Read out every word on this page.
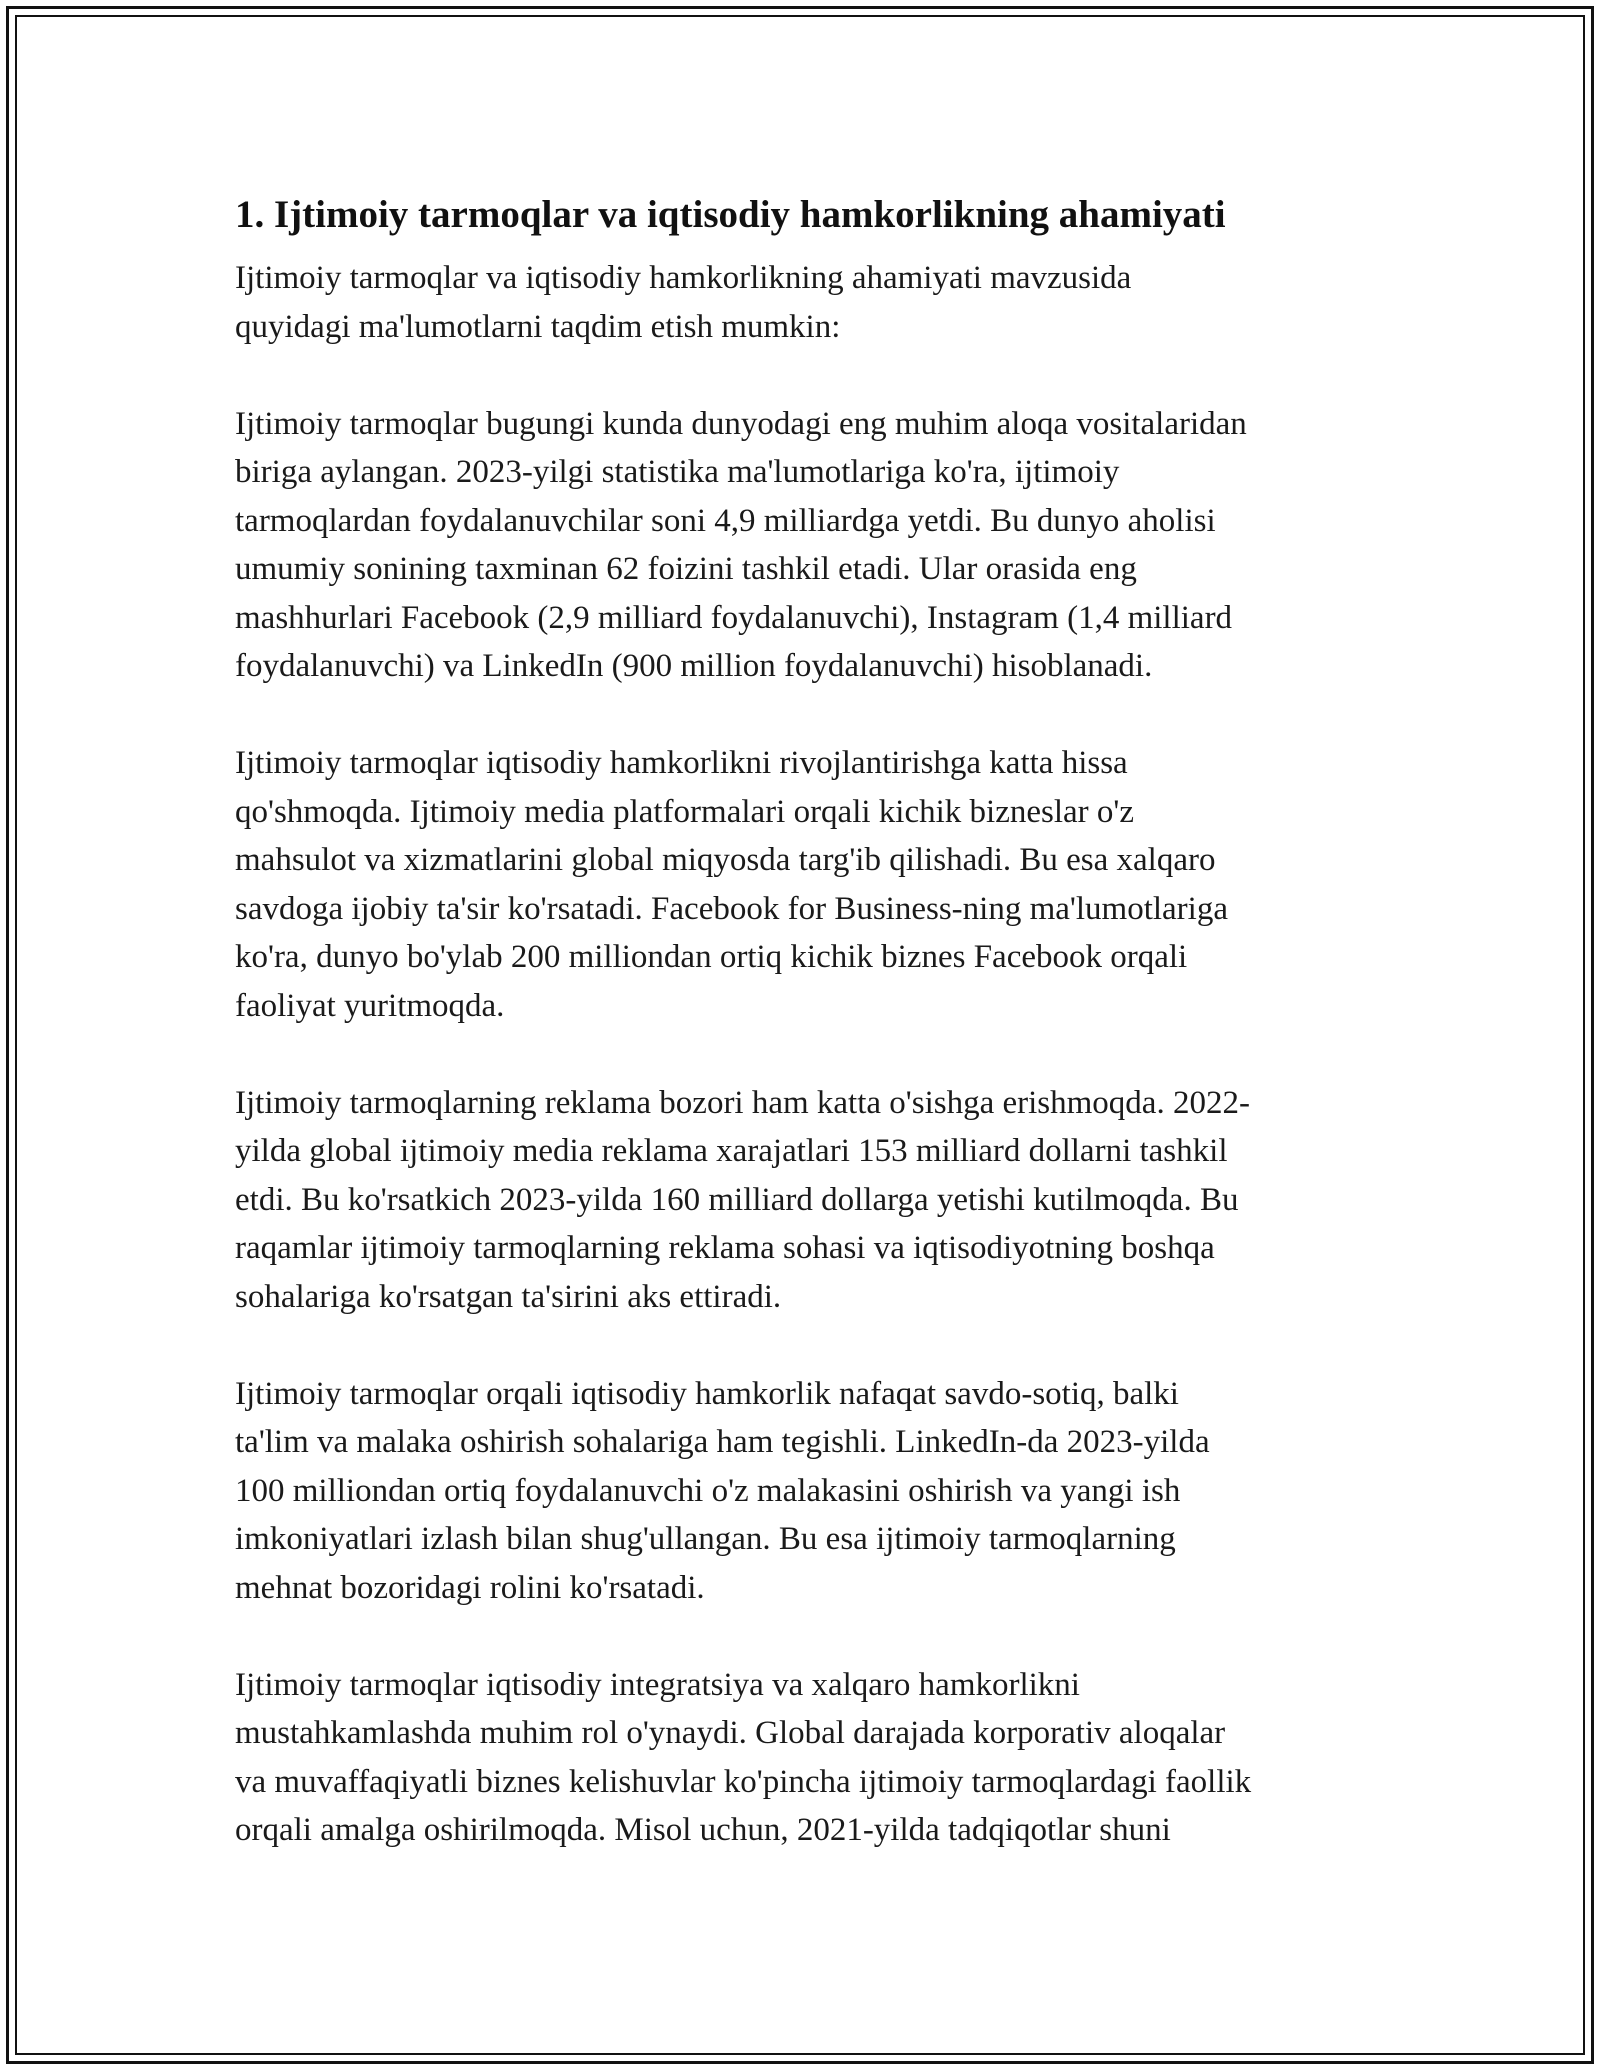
1. Ijtimoiy tarmoqlar va iqtisodiy hamkorlikning ahamiyati

Ijtimoiy tarmoqlar va iqtisodiy hamkorlikning ahamiyati mavzusida
quyidagi ma'lumotlarni taqdim etish mumkin:

Ijtimoiy tarmoqlar bugungi kunda dunyodagi eng muhim aloqa vositalaridan
biriga aylangan. 2023-yilgi statistika ma'lumotlariga ko'ra, ijtimoiy
tarmoqlardan foydalanuvchilar soni 4,9 milliardga yetdi. Bu dunyo aholisi
umumiy sonining taxminan 62 foizini tashkil etadi. Ular orasida eng
mashhurlari Facebook (2,9 milliard foydalanuvchi), Instagram (1,4 milliard
foydalanuvchi) va LinkedIn (900 million foydalanuvchi) hisoblanadi.

Ijtimoiy tarmoqlar iqtisodiy hamkorlikni rivojlantirishga katta hissa
qo'shmoqda. Ijtimoiy media platformalari orqali kichik bizneslar o'z
mahsulot va xizmatlarini global miqyosda targ'ib qilishadi. Bu esa xalqaro
savdoga ijobiy ta'sir ko'rsatadi. Facebook for Business-ning ma'lumotlariga
ko'ra, dunyo bo'ylab 200 milliondan ortiq kichik biznes Facebook orqali
faoliyat yuritmoqda.

Ijtimoiy tarmoqlarning reklama bozori ham katta o'sishga erishmoqda. 2022-
yilda global ijtimoiy media reklama xarajatlari 153 milliard dollarni tashkil
etdi. Bu ko'rsatkich 2023-yilda 160 milliard dollarga yetishi kutilmoqda. Bu
raqamlar ijtimoiy tarmoqlarning reklama sohasi va iqtisodiyotning boshqa
sohalariga ko'rsatgan ta'sirini aks ettiradi.

Ijtimoiy tarmoqlar orqali iqtisodiy hamkorlik nafaqat savdo-sotiq, balki
ta'lim va malaka oshirish sohalariga ham tegishli. LinkedIn-da 2023-yilda
100 milliondan ortiq foydalanuvchi o'z malakasini oshirish va yangi ish
imkoniyatlari izlash bilan shug'ullangan. Bu esa ijtimoiy tarmoqlarning
mehnat bozoridagi rolini ko'rsatadi.

Ijtimoiy tarmoqlar iqtisodiy integratsiya va xalqaro hamkorlikni
mustahkamlashda muhim rol o'ynaydi. Global darajada korporativ aloqalar
va muvaffaqiyatli biznes kelishuvlar ko'pincha ijtimoiy tarmoqlardagi faollik
orqali amalga oshirilmoqda. Misol uchun, 2021-yilda tadqiqotlar shuni
